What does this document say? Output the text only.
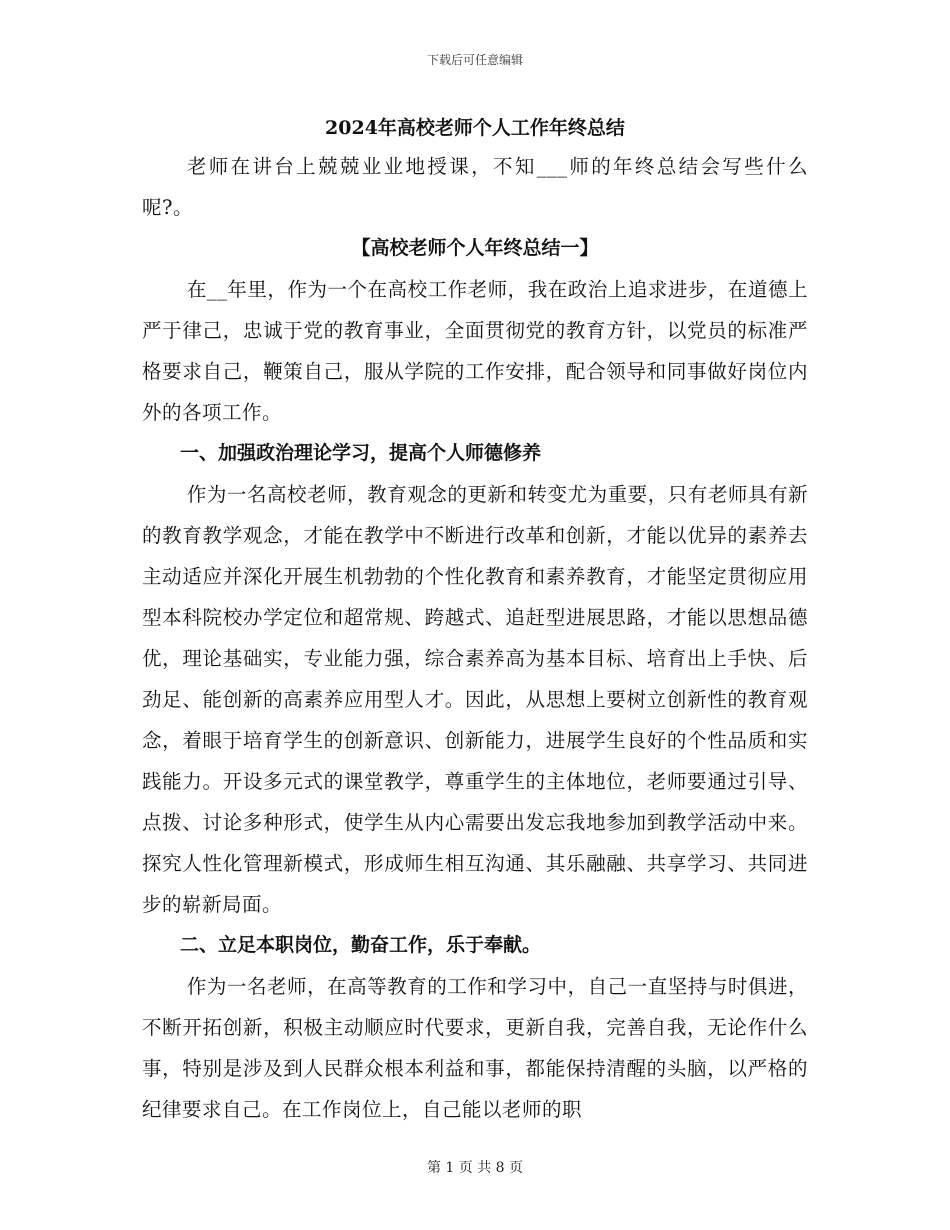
下载后可任意编辑

2024年高校老师个人工作年终总结

老师在讲台上兢兢业业地授课，不知___师的年终总结会写些什么呢?。

【高校老师个人年终总结一】

在__年里，作为一个在高校工作老师，我在政治上追求进步，在道德上严于律己，忠诚于党的教育事业，全面贯彻党的教育方针，以党员的标准严格要求自己，鞭策自己，服从学院的工作安排，配合领导和同事做好岗位内外的各项工作。

一、加强政治理论学习，提高个人师德修养

作为一名高校老师，教育观念的更新和转变尤为重要，只有老师具有新的教育教学观念，才能在教学中不断进行改革和创新，才能以优异的素养去主动适应并深化开展生机勃勃的个性化教育和素养教育，才能坚定贯彻应用型本科院校办学定位和超常规、跨越式、追赶型进展思路，才能以思想品德优，理论基础实，专业能力强，综合素养高为基本目标、培育出上手快、后劲足、能创新的高素养应用型人才。因此，从思想上要树立创新性的教育观念，着眼于培育学生的创新意识、创新能力，进展学生良好的个性品质和实践能力。开设多元式的课堂教学，尊重学生的主体地位，老师要通过引导、点拨、讨论多种形式，使学生从内心需要出发忘我地参加到教学活动中来。探究人性化管理新模式，形成师生相互沟通、其乐融融、共享学习、共同进步的崭新局面。

二、立足本职岗位，勤奋工作，乐于奉献。

作为一名老师，在高等教育的工作和学习中，自己一直坚持与时俱进，不断开拓创新，积极主动顺应时代要求，更新自我，完善自我，无论作什么事，特别是涉及到人民群众根本利益和事，都能保持清醒的头脑，以严格的纪律要求自己。在工作岗位上，自己能以老师的职

第 1 页 共 8 页
